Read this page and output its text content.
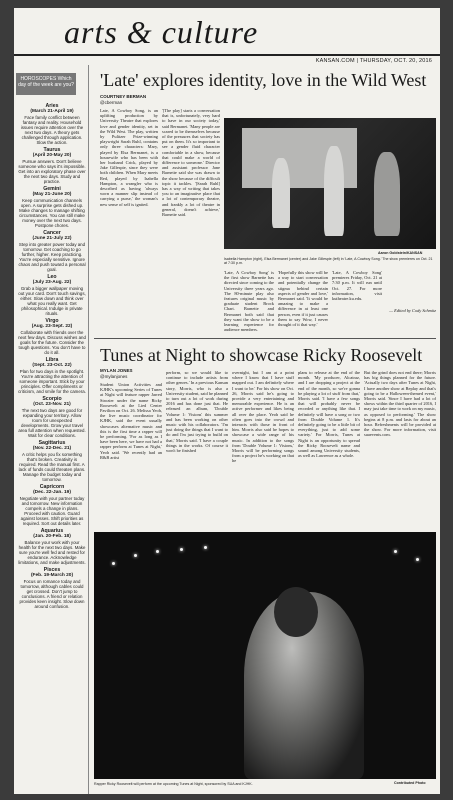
arts & culture
KANSAN.COM | THURSDAY, OCT. 20, 2016
HOROSCOPES Which day of the week are you?
Aries
(March 21-April 19)
Face family conflict between fantasy and reality. Household issues require attention over the next two days. A theory gets challenged through application. Slow the action.
Taurus
(April 20-May 20)
Pursue answers. Don't believe someone who says it's impossible. Get into an exploratory phase over the next two days. Study and practice.
Gemini
(May 21-June 20)
Keep communication channels open. A surprise gets dished up. Make changes to manage shifting circumstances. You can still make money over the next two days. Postpone chores.
Cancer
(June 21-July 22)
Step into greater power today and tomorrow. Get coaching to go further, higher. Keep practicing. You're especially sensitive. Ignore chaos and push toward a personal goal.
Leo
(July 23-Aug. 22)
Grab a bigger wallpaper moving out your card. Don't touch savings, either. Slow down and think over what you really want. Get philosophical. Indulge in private rituals.
Virgo
(Aug. 23-Sept. 22)
Collaborate with friends over the next few days. Discuss wishes and goals for the future. Consider the tough questions. You don't have to do it all.
Libra
(Sept. 23-Oct. 22)
Plan for two days in the spotlight. You're attracting the attention of someone important. Stick by your principles. Offer compliments or criticism, and smile for the camera.
Scorpio
(Oct. 23-Nov. 21)
The next two days are good for expanding your territory. Allow room for unexpected developments. Grow your travel area full attention when requested. Wait for clear conditions.
Sagittarius
(Nov. 22-Dec. 21)
A critic helps you fix something that's broken. Creativity is required. Read the manual first. A lack of funds could threaten plans. Manage the budget today and tomorrow.
Capricorn
(Dec. 22-Jan. 19)
Negotiate with your partner today and tomorrow. New information compels a change in plans. Proceed with caution. Guard against losses. Shift priorities as required. Sort out details later.
Aquarius
(Jan. 20-Feb. 18)
Balance your work with your health for the next two days. Make sure you're well fed and rested for endurance. Acknowledge limitations, and make adjustments.
Pisces
(Feb. 19-March 20)
Focus on romance today and tomorrow, although cables could get crossed. Don't jump to conclusions. A friend or relation provides keen insight. Slow down around confusion.
'Late' explores identity, love in the Wild West
COURTNEY BERMAN
@cberman
Late, A Cowboy Song, is an uplifting production by University Theatre that explores love and gender identity, set in the Wild West. The play, written by Pulitzer Prize-winning playwright Sarah Ruhl, contains only three characters: Mary, played by Elsa Bermanet, is a housewife who has been with her husband Crick, played by Jake Gillespie, since they were both children. When Mary meets Red, played by Isabella Hampton, a wrangler who is described as having 'always worn a manner slip instead of carrying a purse,' the woman's new sense of self is ignited.
'[The play] starts a conversation that is, unfortunately, very hard to have in our society today,' said Bermanet. 'Many people are scared to be themselves because of the pressures that society has put on them. It's so important to see a gender fluid character comfortable in a show, because that could make a world of difference to someone.' Director and assistant professor Jane Barnette said she was drawn to the show because of the difficult topic it tackles. '[Sarah Ruhl] has a way of writing that takes you to an imaginative place that a lot of contemporary theatre, and frankly a lot of theatre in general, doesn't achieve,' Barnette said.
Aaron Goldstein/KANSAN
Isabella Hampton (right), Elsa Bermanet (center) and Jake Gillespie (left) in 'Late, A Cowboy Song.' The show premieres on Oct. 21 at 7:30 p.m.
'Late, A Cowboy Song' is the first show Barnette has directed since coming to the University three years ago. The 80-minute play also features original music by graduate student Brock Chart. Barnette and Bermanet both said that they want the show to be a learning experience for audience members.
'Hopefully this show will be a way to start conversation and potentially change the stigma behind certain aspects of gender and love,' Bermanet said. 'It would be amazing to make a difference in at least one person, even if it just causes them to say Wow, I never thought of it that way.'
'Late, A Cowboy Song' premieres Friday, Oct. 21 at 7:30 p.m. It will run until Oct. 27. For more information, visit kutheatre.ku.edu.
— Edited by Cody Schmitz
Tunes at Night to showcase Ricky Roosevelt
MYLAN JONES
@mylanjones
Student Union Activities and KJHK's upcoming Series of Tunes at Night will feature rapper Jarred Strozier under the name Ricky Roosevelt at the Lied Center Pavilion on Oct. 26. Melissa Yeoh, the live music coordinator for KJHK, said the event usually showcases alternative music and this is the first time a rapper will be performing. 'For as long as I have been here, we have not had a rapper perform at Tunes at Night,' Yeoh said. 'We recently had an R&B artist
perform, so we would like to continue to include artists from other genres.' In a previous Kansan story, Morris, who is also a University student, said he planned to turn out a lot of work during 2016 and has done just that. He released an album, 'Double Volume 1: Visions' this summer and has been working on other music with his collaborators. 'I'm just doing the things that I want to do and I'm just trying to build on that,' Morris said. 'I have a couple things in the works. Of course it won't be finished
overnight, but I am at a point where I know that I have stuff mapped out. I am definitely where I want to be.' For his show on Oct. 26, Morris said he's going to provide a very entertaining and memorable experience. He is an active performer and likes being all over the place. Yeoh said he often goes into the crowd and interacts with those in front of him. Morris also said he hopes to showcase a wide range of his music. In addition to the songs from 'Double Volume 1: Visions,' Morris will be performing songs from a project he's working on that he
plans to release at the end of the month. 'My producer, Alcatraz, and I are dropping a project at the end of the month, so we're gonna be playing a lot of stuff from that,' Morris said. 'I have a few songs that will probably never be recorded or anything like that. I definitely will have a song or two from Double Volume 1. It's definitely going to be a little bit of everything, just to add some variety.' For Morris, Tunes at Night is an opportunity to spread the Ricky Roosevelt name and sound among University students, as well as Lawrence as a whole.
But the grind does not end there; Morris has big things planned for the future. 'Actually two days after Tunes at Night, I have another show at Replay and that's going to be a Halloween-themed event,' Morris said. 'Since I have had a lot of shows within the third quarter of 2016, I may just take time to work on my music, as opposed to performing.' The show begins at 8 p.m. and lasts for about an hour. Refreshments will be provided at the show. For more information, visit suaevents.com.
Rapper Ricky Roosevelt will perform at the upcoming Tunes at Night, sponsored by SUA and KJHK.	Contributed Photo
